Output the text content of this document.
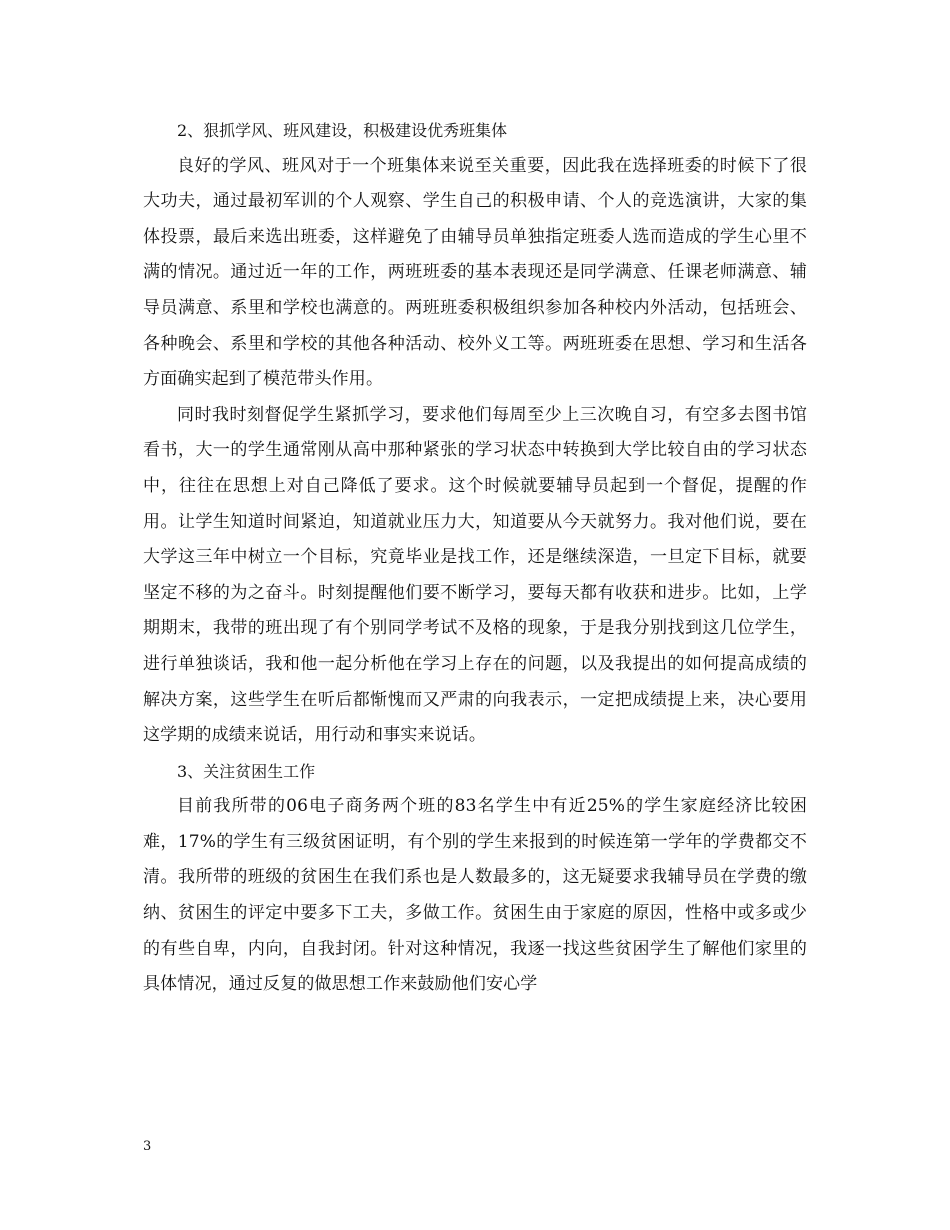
2、狠抓学风、班风建设，积极建设优秀班集体

良好的学风、班风对于一个班集体来说至关重要，因此我在选择班委的时候下了很大功夫，通过最初军训的个人观察、学生自己的积极申请、个人的竞选演讲，大家的集体投票，最后来选出班委，这样避免了由辅导员单独指定班委人选而造成的学生心里不满的情况。通过近一年的工作，两班班委的基本表现还是同学满意、任课老师满意、辅导员满意、系里和学校也满意的。两班班委积极组织参加各种校内外活动，包括班会、各种晚会、系里和学校的其他各种活动、校外义工等。两班班委在思想、学习和生活各方面确实起到了模范带头作用。

同时我时刻督促学生紧抓学习，要求他们每周至少上三次晚自习，有空多去图书馆看书，大一的学生通常刚从高中那种紧张的学习状态中转换到大学比较自由的学习状态中，往往在思想上对自己降低了要求。这个时候就要辅导员起到一个督促，提醒的作用。让学生知道时间紧迫，知道就业压力大，知道要从今天就努力。我对他们说，要在大学这三年中树立一个目标，究竟毕业是找工作，还是继续深造，一旦定下目标，就要坚定不移的为之奋斗。时刻提醒他们要不断学习，要每天都有收获和进步。比如，上学期期末，我带的班出现了有个别同学考试不及格的现象，于是我分别找到这几位学生，进行单独谈话，我和他一起分析他在学习上存在的问题，以及我提出的如何提高成绩的解决方案，这些学生在听后都惭愧而又严肃的向我表示，一定把成绩提上来，决心要用这学期的成绩来说话，用行动和事实来说话。

3、关注贫困生工作

目前我所带的06电子商务两个班的83名学生中有近25%的学生家庭经济比较困难，17%的学生有三级贫困证明，有个别的学生来报到的时候连第一学年的学费都交不清。我所带的班级的贫困生在我们系也是人数最多的，这无疑要求我辅导员在学费的缴纳、贫困生的评定中要多下工夫，多做工作。贫困生由于家庭的原因，性格中或多或少的有些自卑，内向，自我封闭。针对这种情况，我逐一找这些贫困学生了解他们家里的具体情况，通过反复的做思想工作来鼓励他们安心学

3
